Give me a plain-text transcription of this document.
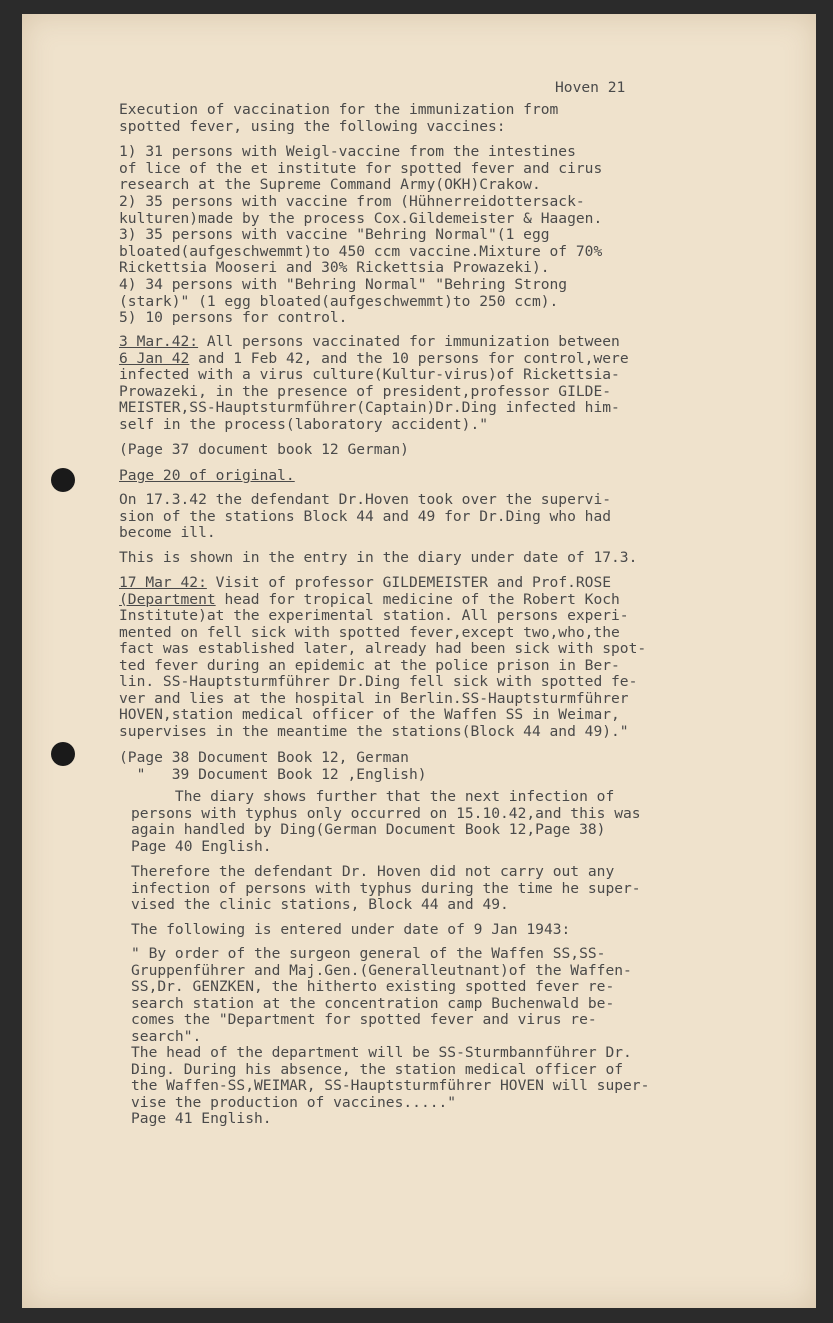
Hoven 21
Execution of vaccination for the immunization from
spotted fever, using the following vaccines:
1) 31 persons with Weigl-vaccine from the intestines
of lice of the et institute for spotted fever and cirus
research at the Supreme Command Army(OKH)Crakow.
2) 35 persons with vaccine from (Hühnerreidottersack-
kulturen)made by the process Cox.Gildemeister & Haagen.
3) 35 persons with vaccine "Behring Normal"(1 egg
bloated(aufgeschwemmt)to 450 ccm vaccine.Mixture of 70%
Rickettsia Mooseri and 30% Rickettsia Prowazeki).
4) 34 persons with "Behring Normal" "Behring Strong
(stark)" (1 egg bloated(aufgeschwemmt)to 250 ccm).
5) 10 persons for control.
3 Mar.42: All persons vaccinated for immunization between
6 Jan 42 and 1 Feb 42, and the 10 persons for control,were
infected with a virus culture(Kultur-virus)of Rickettsia-
Prowazeki, in the presence of president,professor GILDE-
MEISTER,SS-Hauptsturmführer(Captain)Dr.Ding infected him-
self in the process(laboratory accident)."
(Page 37 document book 12 German)
Page 20 of original.
On 17.3.42 the defendant Dr.Hoven took over the supervi-
sion of the stations Block 44 and 49 for Dr.Ding who had
become ill.
This is shown in the entry in the diary under date of 17.3.
17 Mar 42: Visit of professor GILDEMEISTER and Prof.ROSE
(Department head for tropical medicine of the Robert Koch
Institute)at the experimental station. All persons experi-
mented on fell sick with spotted fever,except two,who,the
fact was established later, already had been sick with spot-
ted fever during an epidemic at the police prison in Ber-
lin. SS-Hauptsturmführer Dr.Ding fell sick with spotted fe-
ver and lies at the hospital in Berlin.SS-Hauptsturmführer
HOVEN,station medical officer of the Waffen SS in Weimar,
supervises in the meantime the stations(Block 44 and 49)."
(Page 38 Document Book 12, German
"   39 Document Book 12 ,English)
The diary shows further that the next infection of
persons with typhus only occurred on 15.10.42,and this was
again handled by Ding(German Document Book 12,Page 38)
Page 40 English.
Therefore the defendant Dr. Hoven did not carry out any
infection of persons with typhus during the time he super-
vised the clinic stations, Block 44 and 49.
The following is entered under date of 9 Jan 1943:
" By order of the surgeon general of the Waffen SS,SS-
Gruppenführer and Maj.Gen.(Generalleutnant)of the Waffen-
SS,Dr. GENZKEN, the hitherto existing spotted fever re-
search station at the concentration camp Buchenwald be-
comes the "Department for spotted fever and virus re-
search".
The head of the department will be SS-Sturmbannführer Dr.
Ding. During his absence, the station medical officer of
the Waffen-SS,WEIMAR, SS-Hauptsturmführer HOVEN will super-
vise the production of vaccines....."
Page 41 English.
